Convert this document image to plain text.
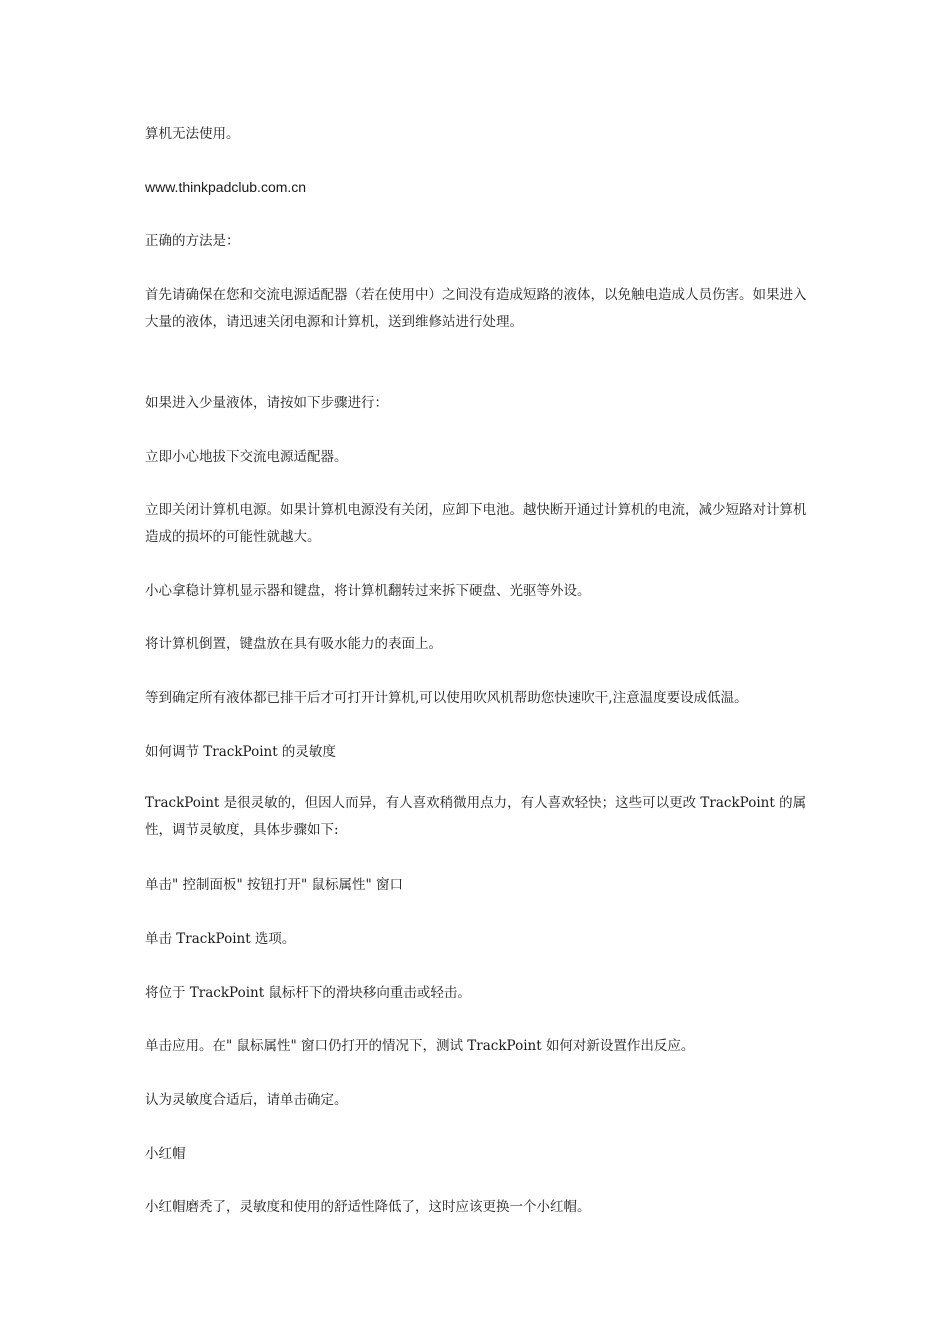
算机无法使用。

www.thinkpadclub.com.cn

正确的方法是：

首先请确保在您和交流电源适配器（若在使用中）之间没有造成短路的液体，以免触电造成人员伤害。如果进入大量的液体，请迅速关闭电源和计算机，送到维修站进行处理。

如果进入少量液体，请按如下步骤进行：

立即小心地拔下交流电源适配器。

立即关闭计算机电源。如果计算机电源没有关闭，应卸下电池。越快断开通过计算机的电流，减少短路对计算机造成的损坏的可能性就越大。

小心拿稳计算机显示器和键盘，将计算机翻转过来拆下硬盘、光驱等外设。

将计算机倒置，键盘放在具有吸水能力的表面上。

等到确定所有液体都已排干后才可打开计算机,可以使用吹风机帮助您快速吹干,注意温度要设成低温。

如何调节 TrackPoint 的灵敏度

TrackPoint 是很灵敏的，但因人而异，有人喜欢稍微用点力，有人喜欢轻快；这些可以更改 TrackPoint 的属性，调节灵敏度，具体步骤如下:

单击" 控制面板" 按钮打开" 鼠标属性" 窗口

单击 TrackPoint 选项。

将位于 TrackPoint 鼠标杆下的滑块移向重击或轻击。

单击应用。在" 鼠标属性" 窗口仍打开的情况下，测试 TrackPoint 如何对新设置作出反应。

认为灵敏度合适后，请单击确定。

小红帽

小红帽磨秃了，灵敏度和使用的舒适性降低了，这时应该更换一个小红帽。
